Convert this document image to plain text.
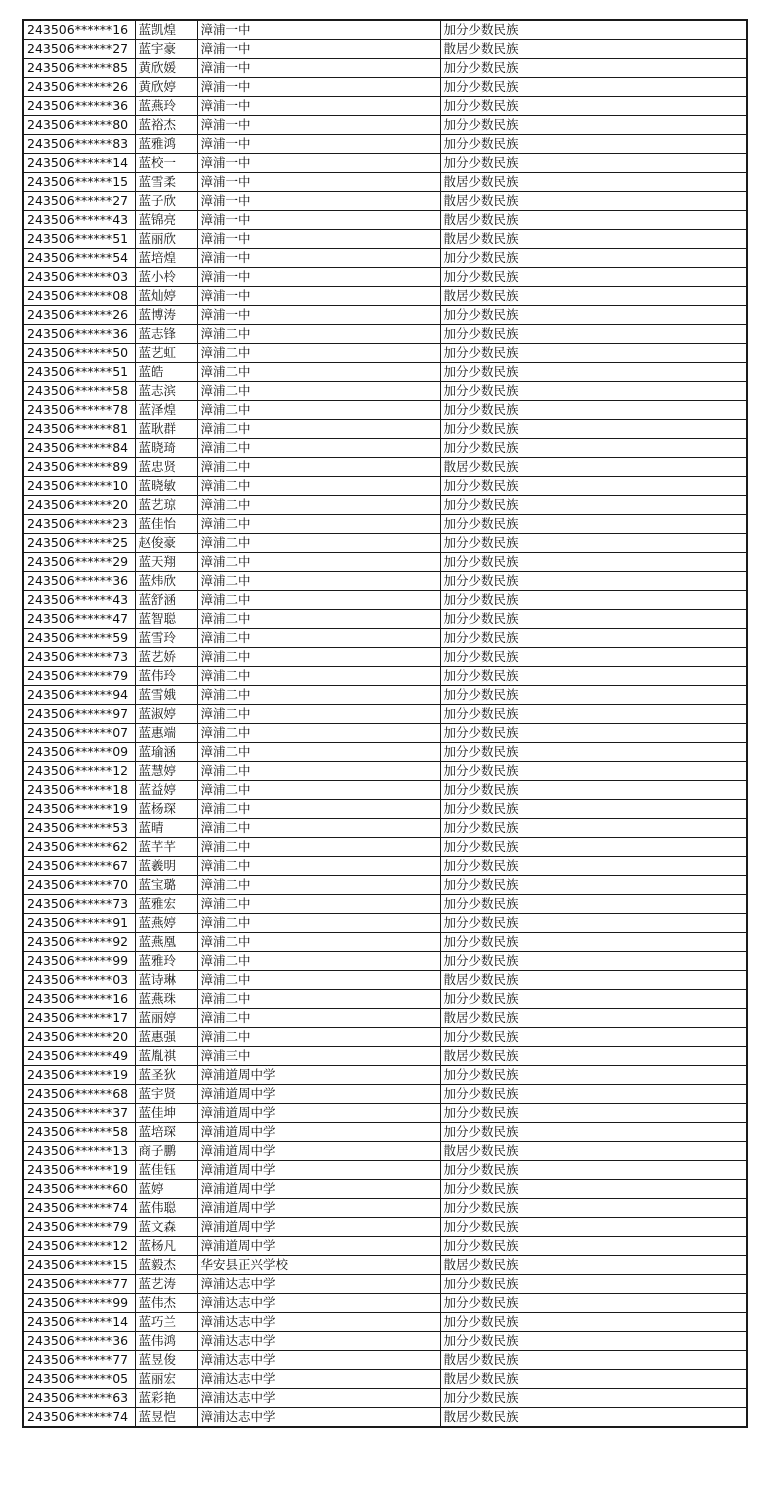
243506******16	蓝凯煌	漳浦一中	加分少数民族
243506******27	蓝宇豪	漳浦一中	散居少数民族
243506******85	黄欣媛	漳浦一中	加分少数民族
243506******26	黄欣婷	漳浦一中	加分少数民族
243506******36	蓝燕玲	漳浦一中	加分少数民族
243506******80	蓝裕杰	漳浦一中	加分少数民族
243506******83	蓝雅鸿	漳浦一中	加分少数民族
243506******14	蓝校一	漳浦一中	加分少数民族
243506******15	蓝雪柔	漳浦一中	散居少数民族
243506******27	蓝子欣	漳浦一中	散居少数民族
243506******43	蓝锦亮	漳浦一中	散居少数民族
243506******51	蓝丽欣	漳浦一中	散居少数民族
243506******54	蓝培煌	漳浦一中	加分少数民族
243506******03	蓝小柃	漳浦一中	加分少数民族
243506******08	蓝灿婷	漳浦一中	散居少数民族
243506******26	蓝博涛	漳浦一中	加分少数民族
243506******36	蓝志锋	漳浦二中	加分少数民族
243506******50	蓝艺虹	漳浦二中	加分少数民族
243506******51	蓝皓	漳浦二中	加分少数民族
243506******58	蓝志滨	漳浦二中	加分少数民族
243506******78	蓝泽煌	漳浦二中	加分少数民族
243506******81	蓝耿群	漳浦二中	加分少数民族
243506******84	蓝晓琦	漳浦二中	加分少数民族
243506******89	蓝忠贤	漳浦二中	散居少数民族
243506******10	蓝晓敏	漳浦二中	加分少数民族
243506******20	蓝艺琼	漳浦二中	加分少数民族
243506******23	蓝佳怡	漳浦二中	加分少数民族
243506******25	赵俊豪	漳浦二中	加分少数民族
243506******29	蓝天翔	漳浦二中	加分少数民族
243506******36	蓝炜欣	漳浦二中	加分少数民族
243506******43	蓝舒涵	漳浦二中	加分少数民族
243506******47	蓝智聪	漳浦二中	加分少数民族
243506******59	蓝雪玲	漳浦二中	加分少数民族
243506******73	蓝艺娇	漳浦二中	加分少数民族
243506******79	蓝伟玲	漳浦二中	加分少数民族
243506******94	蓝雪娥	漳浦二中	加分少数民族
243506******97	蓝淑婷	漳浦二中	加分少数民族
243506******07	蓝惠端	漳浦二中	加分少数民族
243506******09	蓝瑜涵	漳浦二中	加分少数民族
243506******12	蓝慧婷	漳浦二中	加分少数民族
243506******18	蓝益婷	漳浦二中	加分少数民族
243506******19	蓝杨琛	漳浦二中	加分少数民族
243506******53	蓝晴	漳浦二中	加分少数民族
243506******62	蓝芊芊	漳浦二中	加分少数民族
243506******67	蓝羲明	漳浦二中	加分少数民族
243506******70	蓝宝璐	漳浦二中	加分少数民族
243506******73	蓝雅宏	漳浦二中	加分少数民族
243506******91	蓝燕婷	漳浦二中	加分少数民族
243506******92	蓝燕凰	漳浦二中	加分少数民族
243506******99	蓝雅玲	漳浦二中	加分少数民族
243506******03	蓝诗琳	漳浦二中	散居少数民族
243506******16	蓝燕珠	漳浦二中	加分少数民族
243506******17	蓝丽婷	漳浦二中	散居少数民族
243506******20	蓝惠强	漳浦二中	加分少数民族
243506******49	蓝胤祺	漳浦三中	散居少数民族
243506******19	蓝圣狄	漳浦道周中学	加分少数民族
243506******68	蓝宇贤	漳浦道周中学	加分少数民族
243506******37	蓝佳坤	漳浦道周中学	加分少数民族
243506******58	蓝培琛	漳浦道周中学	加分少数民族
243506******13	商子鹏	漳浦道周中学	散居少数民族
243506******19	蓝佳钰	漳浦道周中学	加分少数民族
243506******60	蓝婷	漳浦道周中学	加分少数民族
243506******74	蓝伟聪	漳浦道周中学	加分少数民族
243506******79	蓝文森	漳浦道周中学	加分少数民族
243506******12	蓝杨凡	漳浦道周中学	加分少数民族
243506******15	蓝毅杰	华安县正兴学校	散居少数民族
243506******77	蓝艺涛	漳浦达志中学	加分少数民族
243506******99	蓝伟杰	漳浦达志中学	加分少数民族
243506******14	蓝巧兰	漳浦达志中学	加分少数民族
243506******36	蓝伟鸿	漳浦达志中学	加分少数民族
243506******77	蓝昱俊	漳浦达志中学	散居少数民族
243506******05	蓝丽宏	漳浦达志中学	散居少数民族
243506******63	蓝彩艳	漳浦达志中学	加分少数民族
243506******74	蓝昱恺	漳浦达志中学	散居少数民族
